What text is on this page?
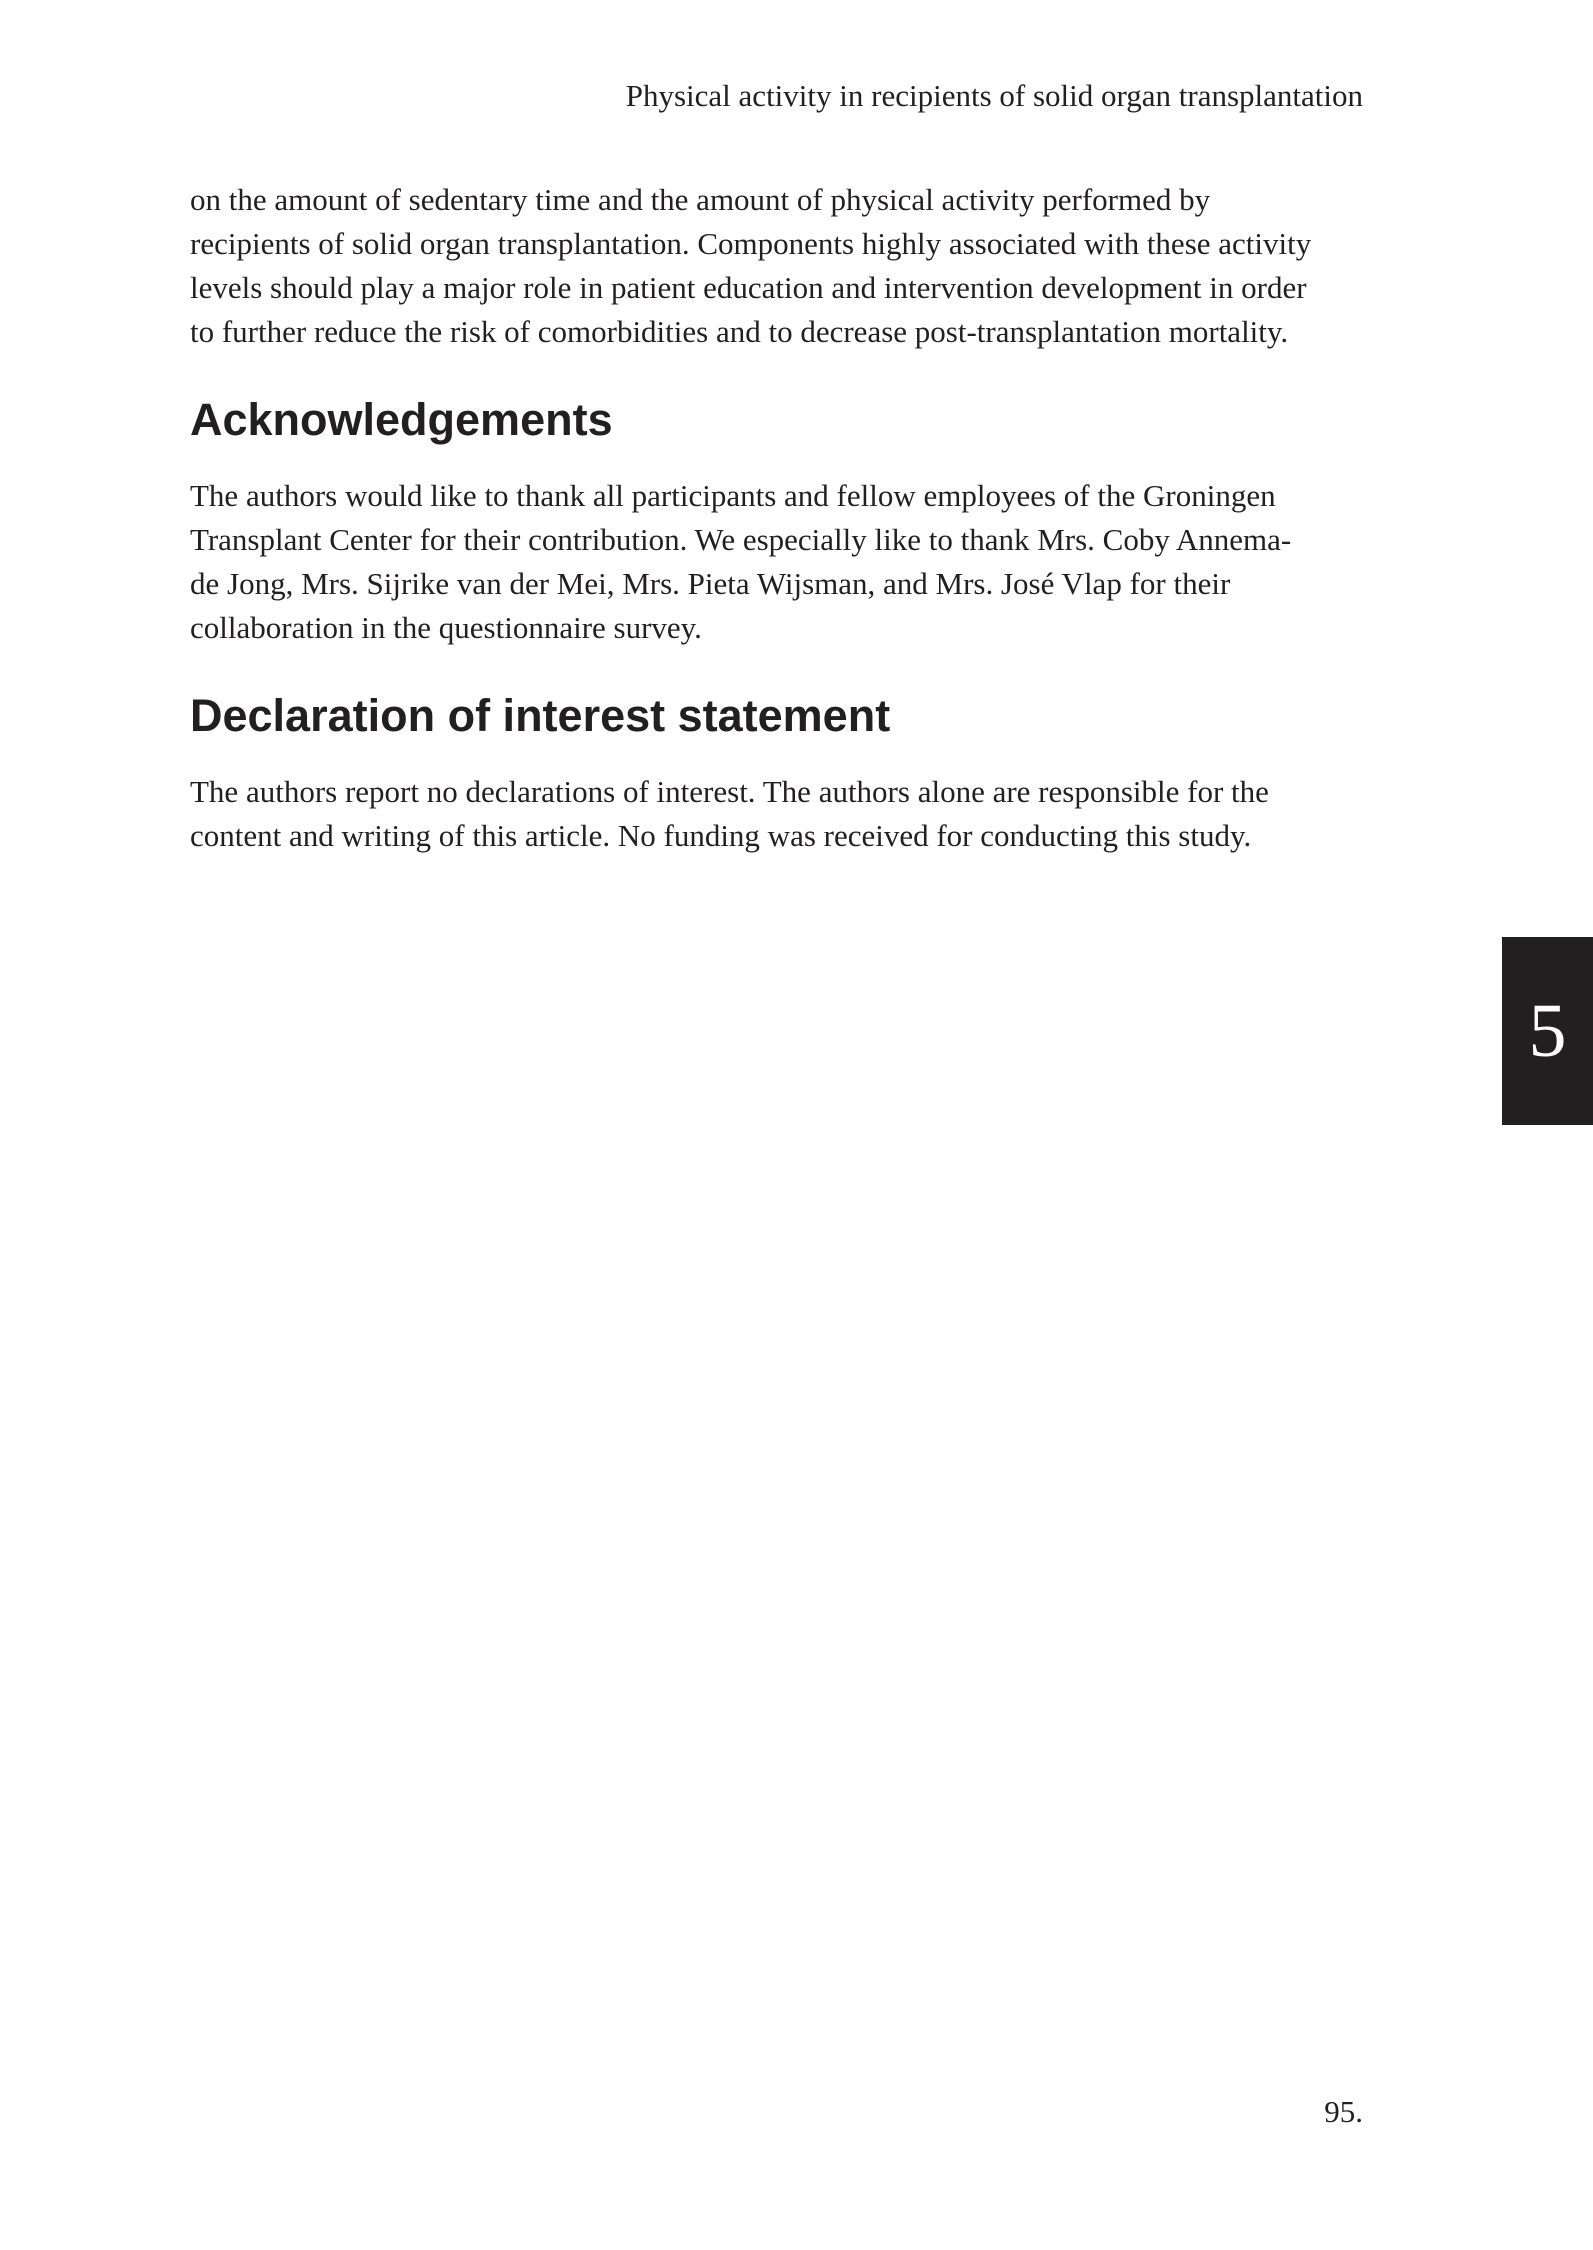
Physical activity in recipients of solid organ transplantation

on the amount of sedentary time and the amount of physical activity performed by
recipients of solid organ transplantation. Components highly associated with these activity
levels should play a major role in patient education and intervention development in order
to further reduce the risk of comorbidities and to decrease post-transplantation mortality.

Acknowledgements

The authors would like to thank all participants and fellow employees of the Groningen
Transplant Center for their contribution. We especially like to thank Mrs. Coby Annema-
de Jong, Mrs. Sijrike van der Mei, Mrs. Pieta Wijsman, and Mrs. José Vlap for their
collaboration in the questionnaire survey.

Declaration of interest statement

The authors report no declarations of interest. The authors alone are responsible for the
content and writing of this article. No funding was received for conducting this study.

5
95.
